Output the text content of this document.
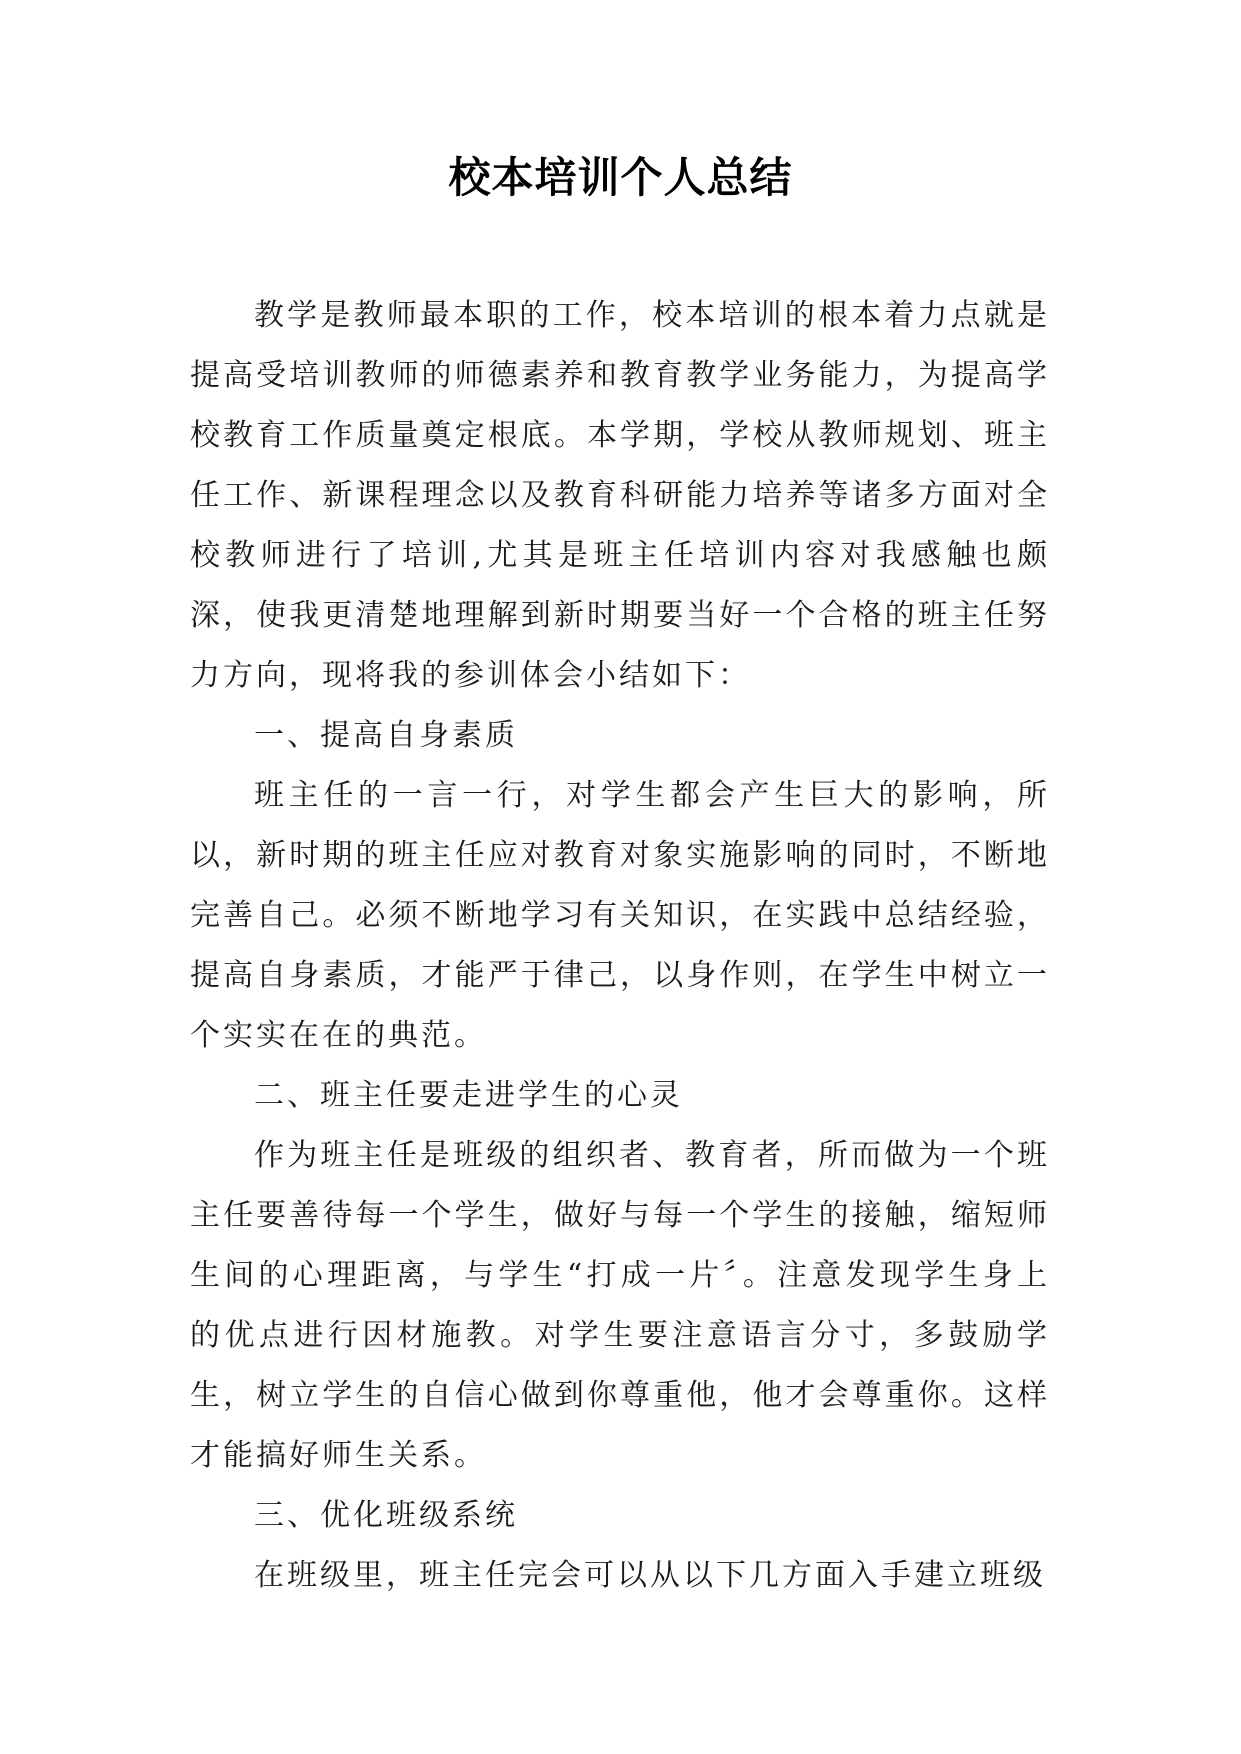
校本培训个人总结

教学是教师最本职的工作，校本培训的根本着力点就是提高受培训教师的师德素养和教育教学业务能力，为提高学校教育工作质量奠定根底。本学期，学校从教师规划、班主任工作、新课程理念以及教育科研能力培养等诸多方面对全校教师进行了培训,尤其是班主任培训内容对我感触也颇深，使我更清楚地理解到新时期要当好一个合格的班主任努力方向，现将我的参训体会小结如下：

一、提高自身素质

班主任的一言一行，对学生都会产生巨大的影响，所以，新时期的班主任应对教育对象实施影响的同时，不断地完善自己。必须不断地学习有关知识，在实践中总结经验，提高自身素质，才能严于律己，以身作则，在学生中树立一个实实在在的典范。

二、班主任要走进学生的心灵

作为班主任是班级的组织者、教育者，所而做为一个班主任要善待每一个学生，做好与每一个学生的接触，缩短师生间的心理距离，与学生“打成一片〞。注意发现学生身上的优点进行因材施教。对学生要注意语言分寸，多鼓励学生，树立学生的自信心做到你尊重他，他才会尊重你。这样才能搞好师生关系。

三、优化班级系统

在班级里，班主任完会可以从以下几方面入手建立班级
